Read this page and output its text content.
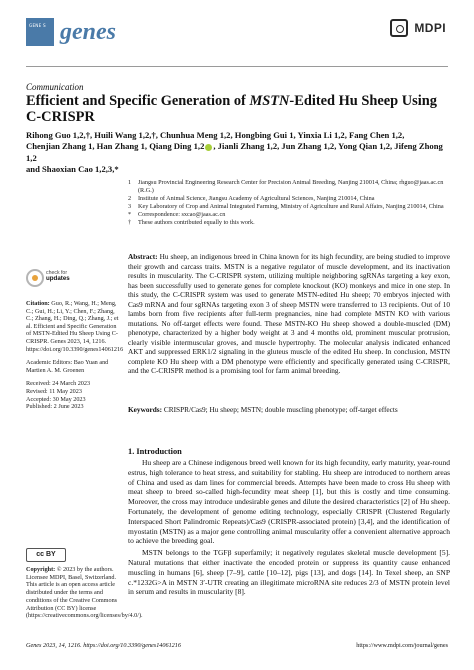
GENE S genes	MDPI
Communication
Efficient and Specific Generation of MSTN-Edited Hu Sheep Using C-CRISPR
Rihong Guo 1,2,†, Huili Wang 1,2,†, Chunhua Meng 1,2, Hongbing Gui 1, Yinxia Li 1,2, Fang Chen 1,2,
Chenjian Zhang 1, Han Zhang 1, Qiang Ding 1,2 , Jianli Zhang 1,2, Jun Zhang 1,2, Yong Qian 1,2, Jifeng Zhong 1,2
and Shaoxian Cao 1,2,3,*
1	Jiangsu Provincial Engineering Research Center for Precision Animal Breeding, Nanjing 210014, China; rhguo@jaas.ac.cn (R.G.)
2	Institute of Animal Science, Jiangsu Academy of Agricultural Sciences, Nanjing 210014, China
3	Key Laboratory of Crop and Animal Integrated Farming, Ministry of Agriculture and Rural Affairs, Nanjing 210014, China
*	Correspondence: sxcao@jaas.ac.cn
†	These authors contributed equally to this work.
Abstract: Hu sheep, an indigenous breed in China known for its high fecundity, are being studied to improve their growth and carcass traits. MSTN is a negative regulator of muscle development, and its inactivation results in muscularity. The C-CRISPR system, utilizing multiple neighboring sgRNAs targeting a key exon, has been successfully used to generate genes for complete knockout (KO) monkeys and mice in one step. In this study, the C-CRISPR system was used to generate MSTN-edited Hu sheep; 70 embryos injected with Cas9 mRNA and four sgRNAs targeting exon 3 of sheep MSTN were transferred to 13 recipients. Out of 10 lambs born from five recipients after full-term pregnancies, nine had complete MSTN KO with various mutations. No off-target effects were found. These MSTN-KO Hu sheep showed a double-muscled (DM) phenotype, characterized by a higher body weight at 3 and 4 months old, prominent muscular protrusion, clearly visible intermuscular groves, and muscle hypertrophy. The molecular analysis indicated enhanced AKT and suppressed ERK1/2 signaling in the gluteus muscle of the edited Hu sheep. In conclusion, MSTN complete KO Hu sheep with a DM phenotype were efficiently and specifically generated using C-CRISPR, and the C-CRISPR method is a promising tool for farm animal breeding.
Keywords: CRISPR/Cas9; Hu sheep; MSTN; double muscling phenotype; off-target effects
check for
updates

Citation: Guo, R.; Wang, H.; Meng, C.; Gui, H.; Li, Y.; Chen, F.; Zhang, C.; Zhang, H.; Ding, Q.; Zhang, J.; et al. Efficient and Specific Generation of MSTN-Edited Hu Sheep Using C-CRISPR. Genes 2023, 14, 1216. https://doi.org/10.3390/genes14061216

Academic Editors: Bao Yuan and Martien A. M. Groenen

Received: 24 March 2023
Revised: 11 May 2023
Accepted: 30 May 2023
Published: 2 June 2023

cc BY
Copyright: © 2023 by the authors. Licensee MDPI, Basel, Switzerland. This article is an open access article distributed under the terms and conditions of the Creative Commons Attribution (CC BY) license (https://creativecommons.org/licenses/by/4.0/).
1. Introduction

Hu sheep are a Chinese indigenous breed well known for its high fecundity, early maturity, year-round estrus, high tolerance to heat stress, and suitability for stabling. Hu sheep are introduced to northern areas of China and used as dam lines for commercial breeds. Attempts have been made to cross Hu sheep with meat sheep to breed so-called high-fecundity meat sheep [1], but this is costly and time consuming. Moreover, the cross may introduce undesirable genes and dilute the desired characteristics [2] of Hu sheep. Fortunately, the development of genome editing technology, especially CRISPR (Clustered Regularly Interspaced Short Palindromic Repeats)/Cas9 (CRISPR-associated protein) [3,4], and the identification of myostatin (MSTN) as a major gene controlling animal muscularity offer a convenient alternative approach to achieve the breeding goal.

MSTN belongs to the TGFβ superfamily; it negatively regulates skeletal muscle development [5]. Natural mutations that either inactivate the encoded protein or suppress its quantity cause enhanced muscling in humans [6], sheep [7–9], cattle [10–12], pigs [13], and dogs [14]. In Texel sheep, an SNP c.*1232G>A in MSTN 3′-UTR creating an illegitimate microRNA site reduces 2/3 of MSTN protein level in serum and results in muscularity [8].

Genes 2023, 14, 1216. https://doi.org/10.3390/genes14061216	https://www.mdpi.com/journal/genes
